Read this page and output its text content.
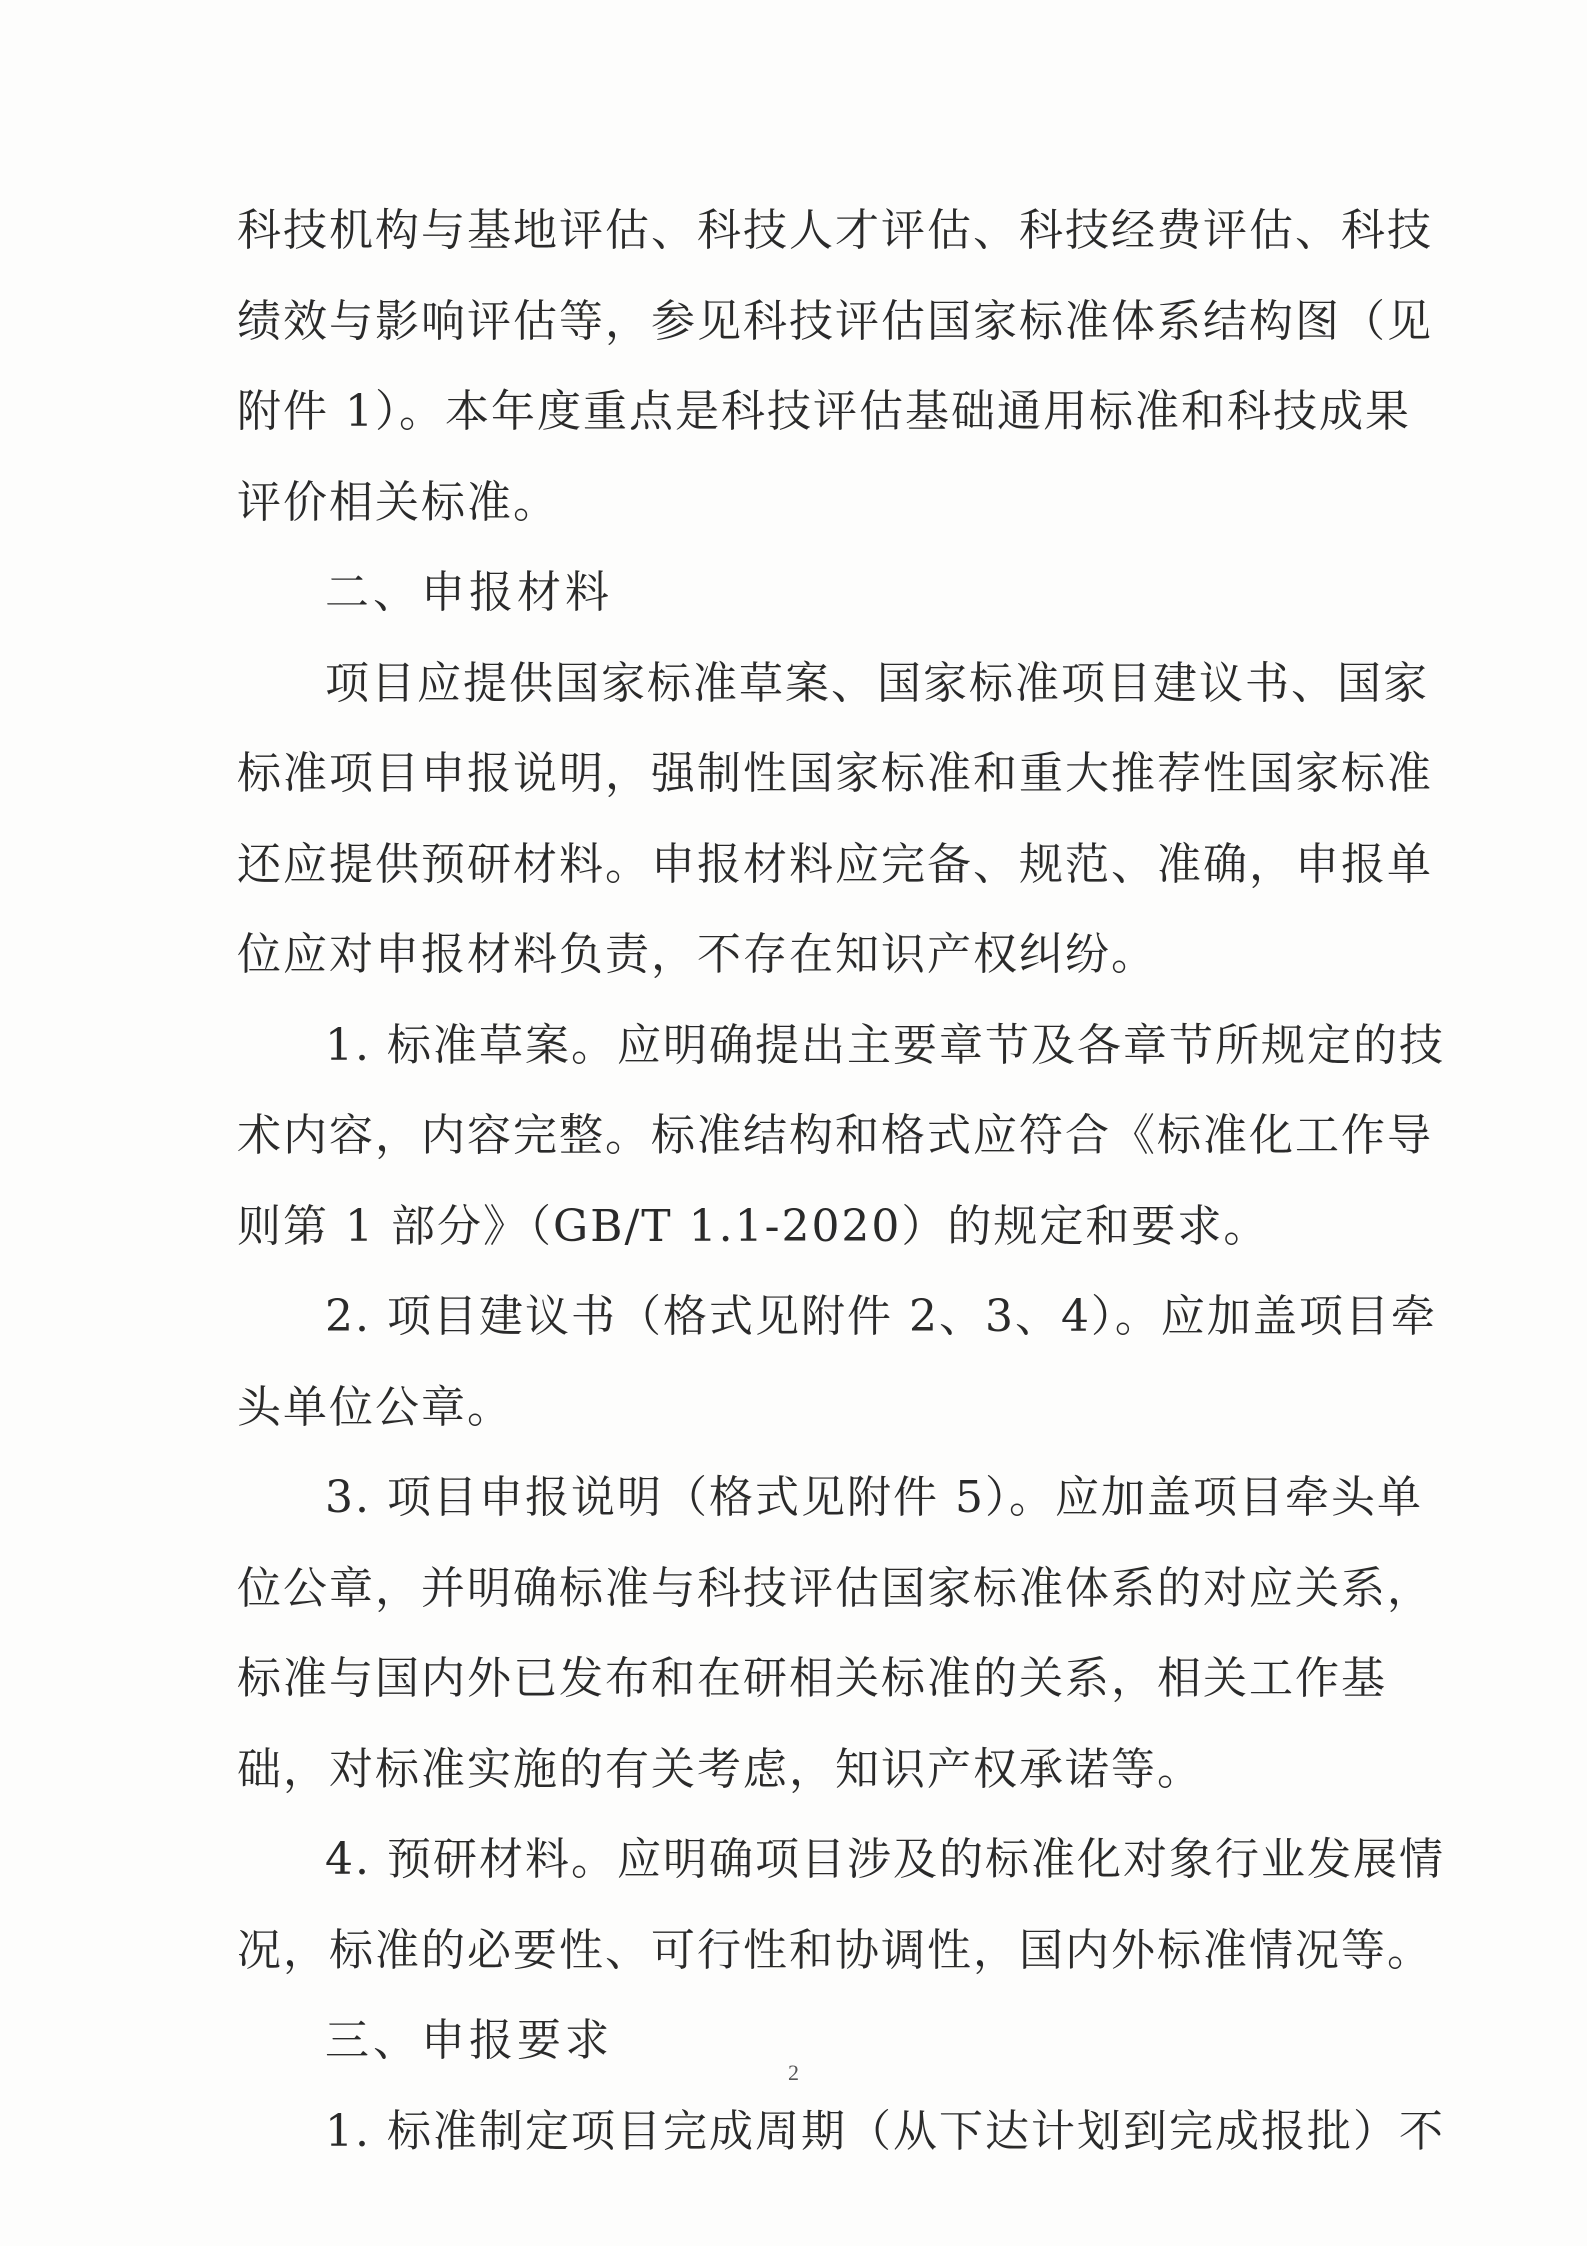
科技机构与基地评估、科技人才评估、科技经费评估、科技
绩效与影响评估等，参见科技评估国家标准体系结构图（见
附件 1）。本年度重点是科技评估基础通用标准和科技成果
评价相关标准。
二、申报材料
项目应提供国家标准草案、国家标准项目建议书、国家
标准项目申报说明，强制性国家标准和重大推荐性国家标准
还应提供预研材料。申报材料应完备、规范、准确，申报单
位应对申报材料负责，不存在知识产权纠纷。
1. 标准草案。应明确提出主要章节及各章节所规定的技
术内容，内容完整。标准结构和格式应符合《标准化工作导
则第 1 部分》（GB/T 1.1-2020）的规定和要求。
2. 项目建议书（格式见附件 2、3、4）。应加盖项目牵
头单位公章。
3. 项目申报说明（格式见附件 5）。应加盖项目牵头单
位公章，并明确标准与科技评估国家标准体系的对应关系，
标准与国内外已发布和在研相关标准的关系，相关工作基
础，对标准实施的有关考虑，知识产权承诺等。
4. 预研材料。应明确项目涉及的标准化对象行业发展情
况，标准的必要性、可行性和协调性，国内外标准情况等。
三、申报要求
1. 标准制定项目完成周期（从下达计划到完成报批）不
2
